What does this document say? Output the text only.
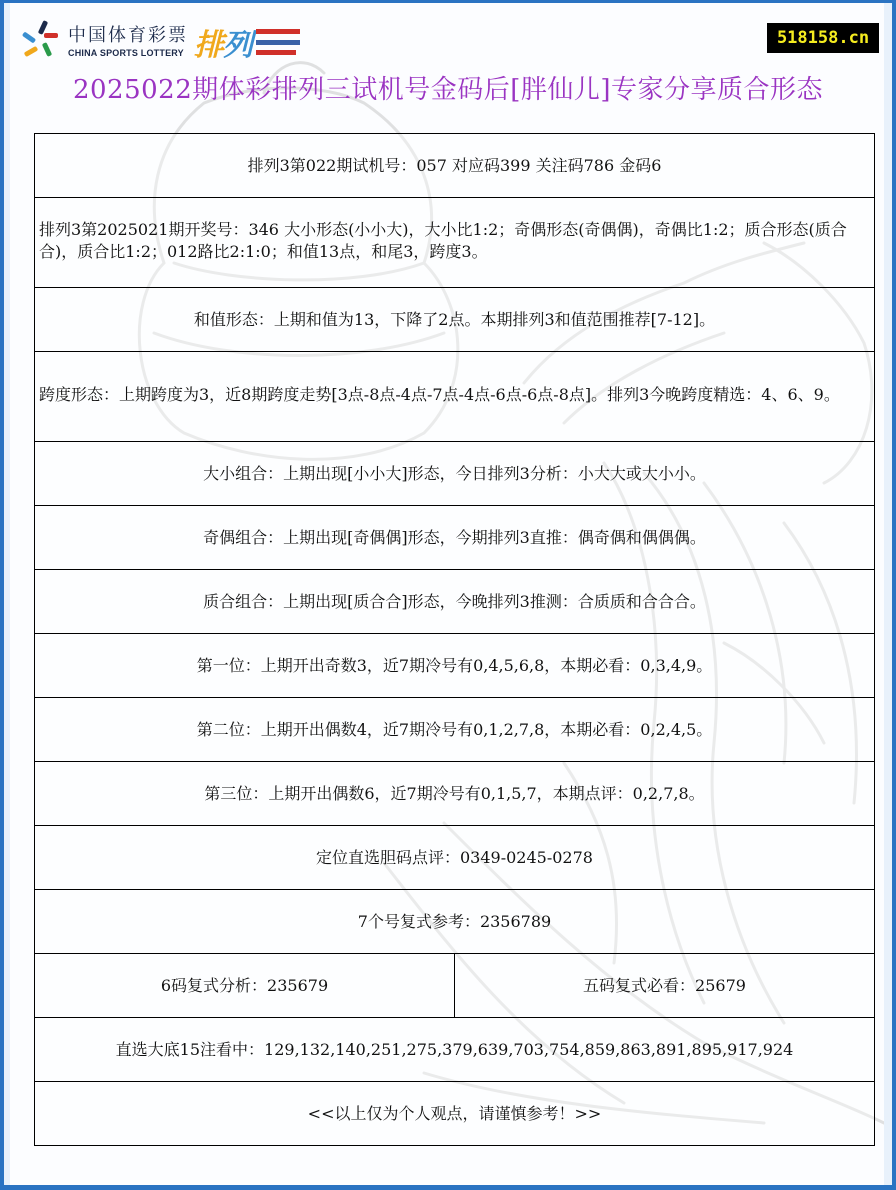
中国体育彩票
CHINA SPORTS LOTTERY 排 列	518158.cn
2025022期体彩排列三试机号金码后[胖仙儿]专家分享质合形态
排列3第022期试机号：057 对应码399 关注码786 金码6
排列3第2025021期开奖号：346 大小形态(小小大)，大小比1:2；奇偶形态(奇偶偶)，奇偶比1:2；质合形态(质合合)，质合比1:2；012路比2:1:0；和值13点，和尾3，跨度3。
和值形态：上期和值为13，下降了2点。本期排列3和值范围推荐[7-12]。
跨度形态：上期跨度为3，近8期跨度走势[3点-8点-4点-7点-4点-6点-6点-8点]。排列3今晚跨度精选：4、6、9。
大小组合：上期出现[小小大]形态，今日排列3分析：小大大或大小小。
奇偶组合：上期出现[奇偶偶]形态，今期排列3直推：偶奇偶和偶偶偶。
质合组合：上期出现[质合合]形态，今晚排列3推测：合质质和合合合。
第一位：上期开出奇数3，近7期冷号有0,4,5,6,8，本期必看：0,3,4,9。
第二位：上期开出偶数4，近7期冷号有0,1,2,7,8，本期必看：0,2,4,5。
第三位：上期开出偶数6，近7期冷号有0,1,5,7，本期点评：0,2,7,8。
定位直选胆码点评：0349-0245-0278
7个号复式参考：2356789
6码复式分析：235679	五码复式必看：25679
直选大底15注看中：129,132,140,251,275,379,639,703,754,859,863,891,895,917,924
<<以上仅为个人观点，请谨慎参考！>>
